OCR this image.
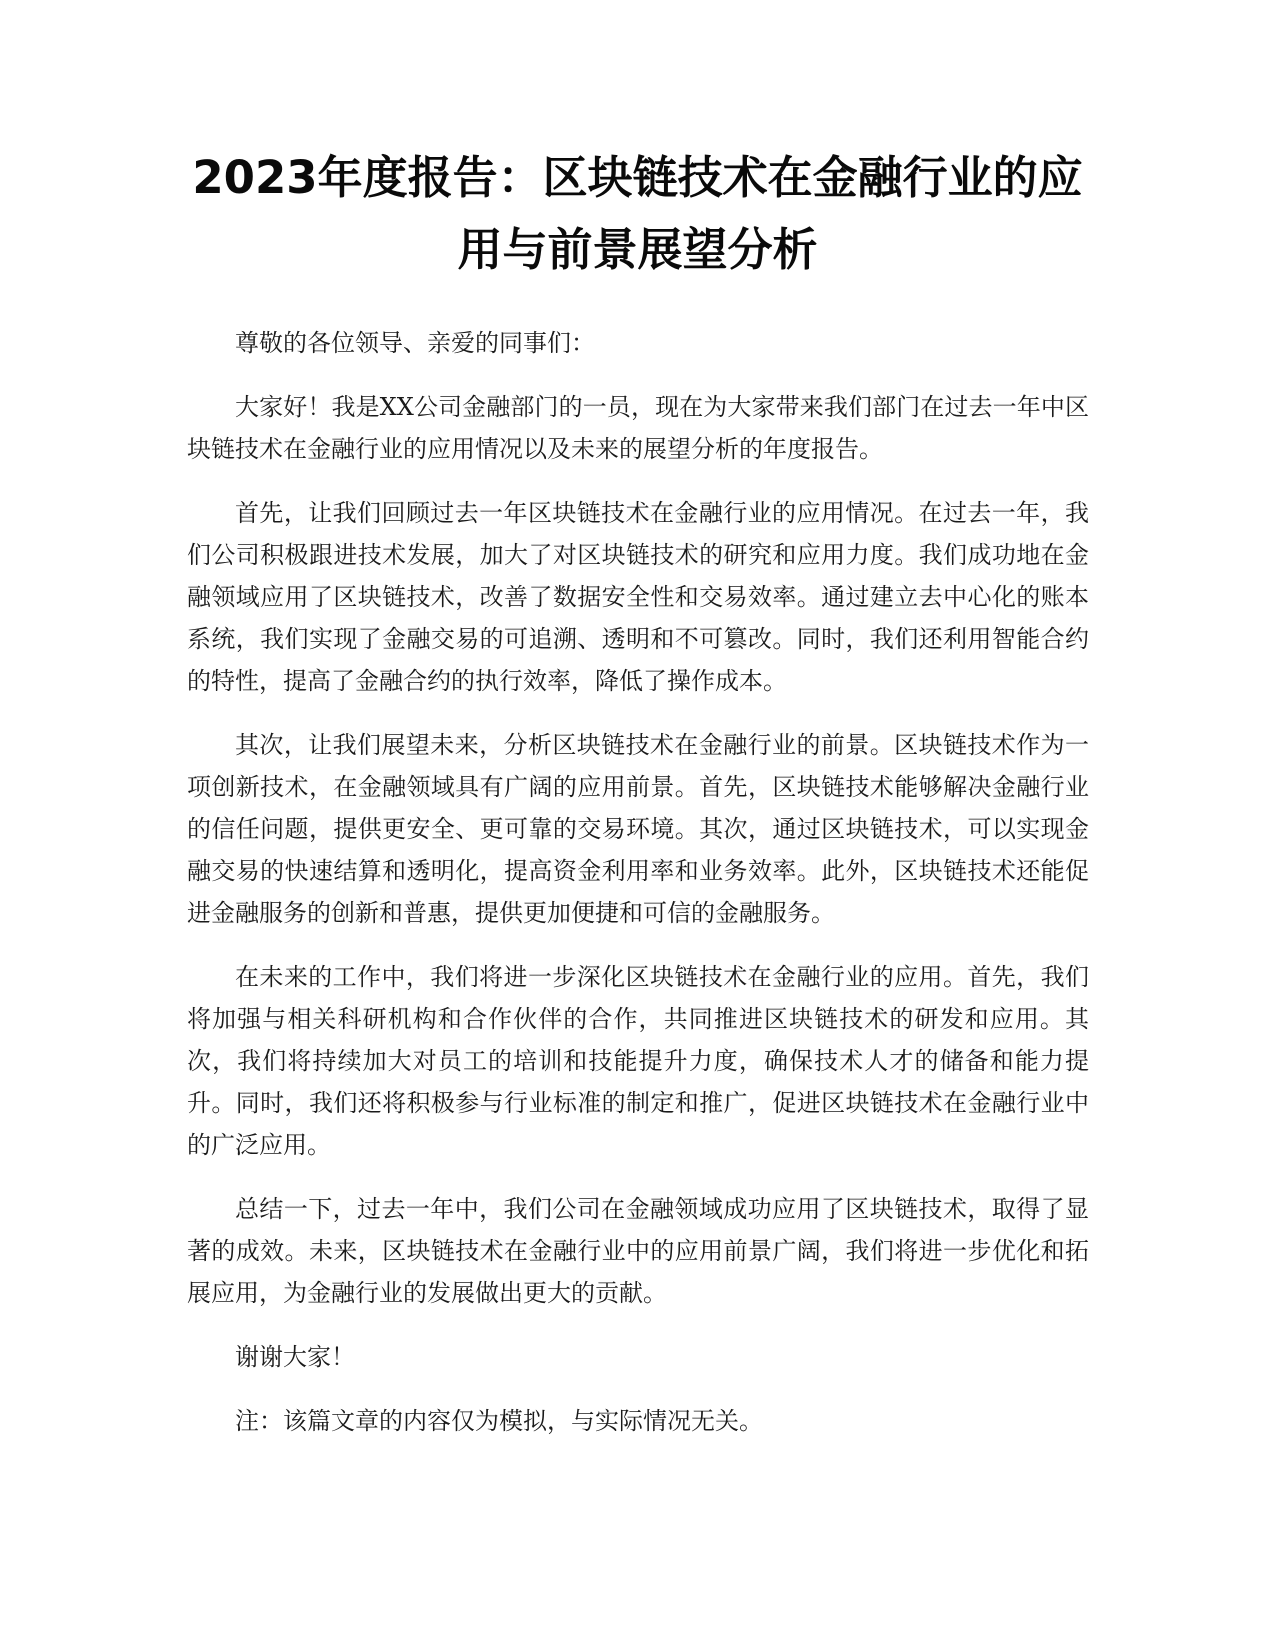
2023年度报告：区块链技术在金融行业的应用与前景展望分析

尊敬的各位领导、亲爱的同事们：

大家好！我是XX公司金融部门的一员，现在为大家带来我们部门在过去一年中区块链技术在金融行业的应用情况以及未来的展望分析的年度报告。

首先，让我们回顾过去一年区块链技术在金融行业的应用情况。在过去一年，我们公司积极跟进技术发展，加大了对区块链技术的研究和应用力度。我们成功地在金融领域应用了区块链技术，改善了数据安全性和交易效率。通过建立去中心化的账本系统，我们实现了金融交易的可追溯、透明和不可篡改。同时，我们还利用智能合约的特性，提高了金融合约的执行效率，降低了操作成本。

其次，让我们展望未来，分析区块链技术在金融行业的前景。区块链技术作为一项创新技术，在金融领域具有广阔的应用前景。首先，区块链技术能够解决金融行业的信任问题，提供更安全、更可靠的交易环境。其次，通过区块链技术，可以实现金融交易的快速结算和透明化，提高资金利用率和业务效率。此外，区块链技术还能促进金融服务的创新和普惠，提供更加便捷和可信的金融服务。

在未来的工作中，我们将进一步深化区块链技术在金融行业的应用。首先，我们将加强与相关科研机构和合作伙伴的合作，共同推进区块链技术的研发和应用。其次，我们将持续加大对员工的培训和技能提升力度，确保技术人才的储备和能力提升。同时，我们还将积极参与行业标准的制定和推广，促进区块链技术在金融行业中的广泛应用。

总结一下，过去一年中，我们公司在金融领域成功应用了区块链技术，取得了显著的成效。未来，区块链技术在金融行业中的应用前景广阔，我们将进一步优化和拓展应用，为金融行业的发展做出更大的贡献。

谢谢大家！

注：该篇文章的内容仅为模拟，与实际情况无关。
